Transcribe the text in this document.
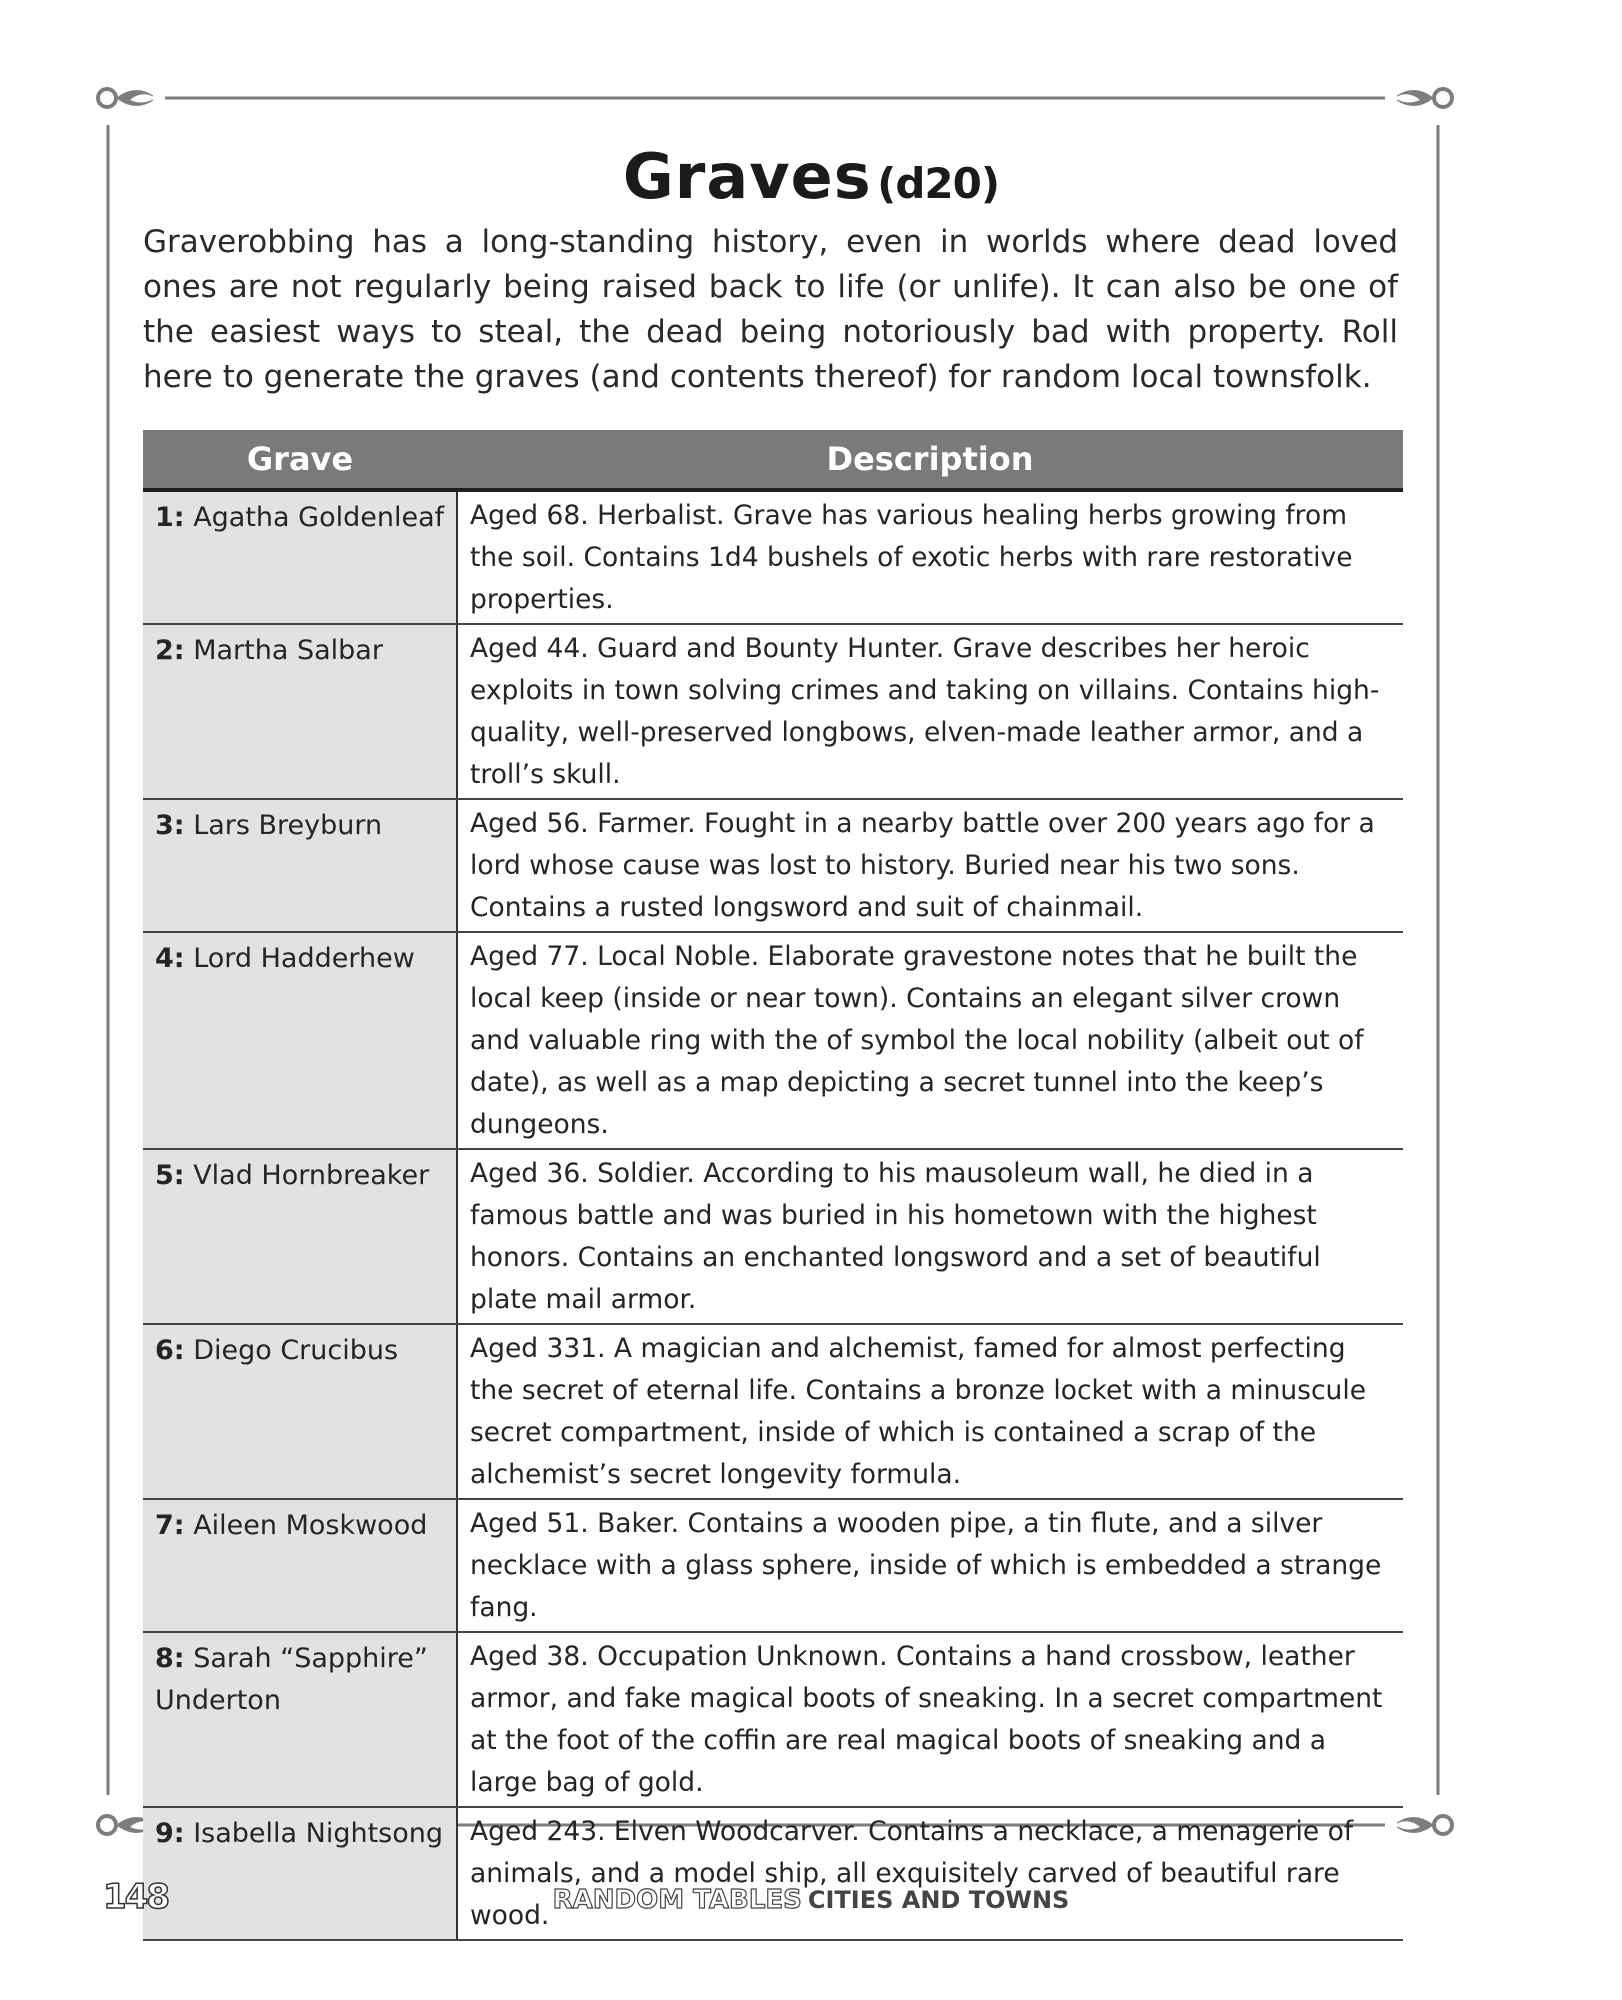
Graves (d20)
Graverobbing has a long-standing history, even in worlds where dead loved ones are not regularly being raised back to life (or unlife). It can also be one of the easiest ways to steal, the dead being notoriously bad with property. Roll here to generate the graves (and contents thereof) for random local townsfolk.
Grave	Description
1: Agatha Goldenleaf	Aged 68. Herbalist. Grave has various healing herbs growing from the soil. Contains 1d4 bushels of exotic herbs with rare restorative properties.
2: Martha Salbar	Aged 44. Guard and Bounty Hunter. Grave describes her heroic exploits in town solving crimes and taking on villains. Contains high-quality, well-preserved longbows, elven-made leather armor, and a troll’s skull.
3: Lars Breyburn	Aged 56. Farmer. Fought in a nearby battle over 200 years ago for a lord whose cause was lost to history. Buried near his two sons. Contains a rusted longsword and suit of chainmail.
4: Lord Hadderhew	Aged 77. Local Noble. Elaborate gravestone notes that he built the local keep (inside or near town). Contains an elegant silver crown and valuable ring with the of symbol the local nobility (albeit out of date), as well as a map depicting a secret tunnel into the keep’s dungeons.
5: Vlad Hornbreaker	Aged 36. Soldier. According to his mausoleum wall, he died in a famous battle and was buried in his hometown with the highest honors. Contains an enchanted longsword and a set of beautiful plate mail armor.
6: Diego Crucibus	Aged 331. A magician and alchemist, famed for almost perfecting the secret of eternal life. Contains a bronze locket with a minuscule secret compartment, inside of which is contained a scrap of the alchemist’s secret longevity formula.
7: Aileen Moskwood	Aged 51. Baker. Contains a wooden pipe, a tin flute, and a silver necklace with a glass sphere, inside of which is embedded a strange fang.
8: Sarah “Sapphire” Underton	Aged 38. Occupation Unknown. Contains a hand crossbow, leather armor, and fake magical boots of sneaking. In a secret compartment at the foot of the coffin are real magical boots of sneaking and a large bag of gold.
9: Isabella Nightsong	Aged 243. Elven Woodcarver. Contains a necklace, a menagerie of animals, and a model ship, all exquisitely carved of beautiful rare wood.
148	RANDOM TABLES CITIES AND TOWNS
